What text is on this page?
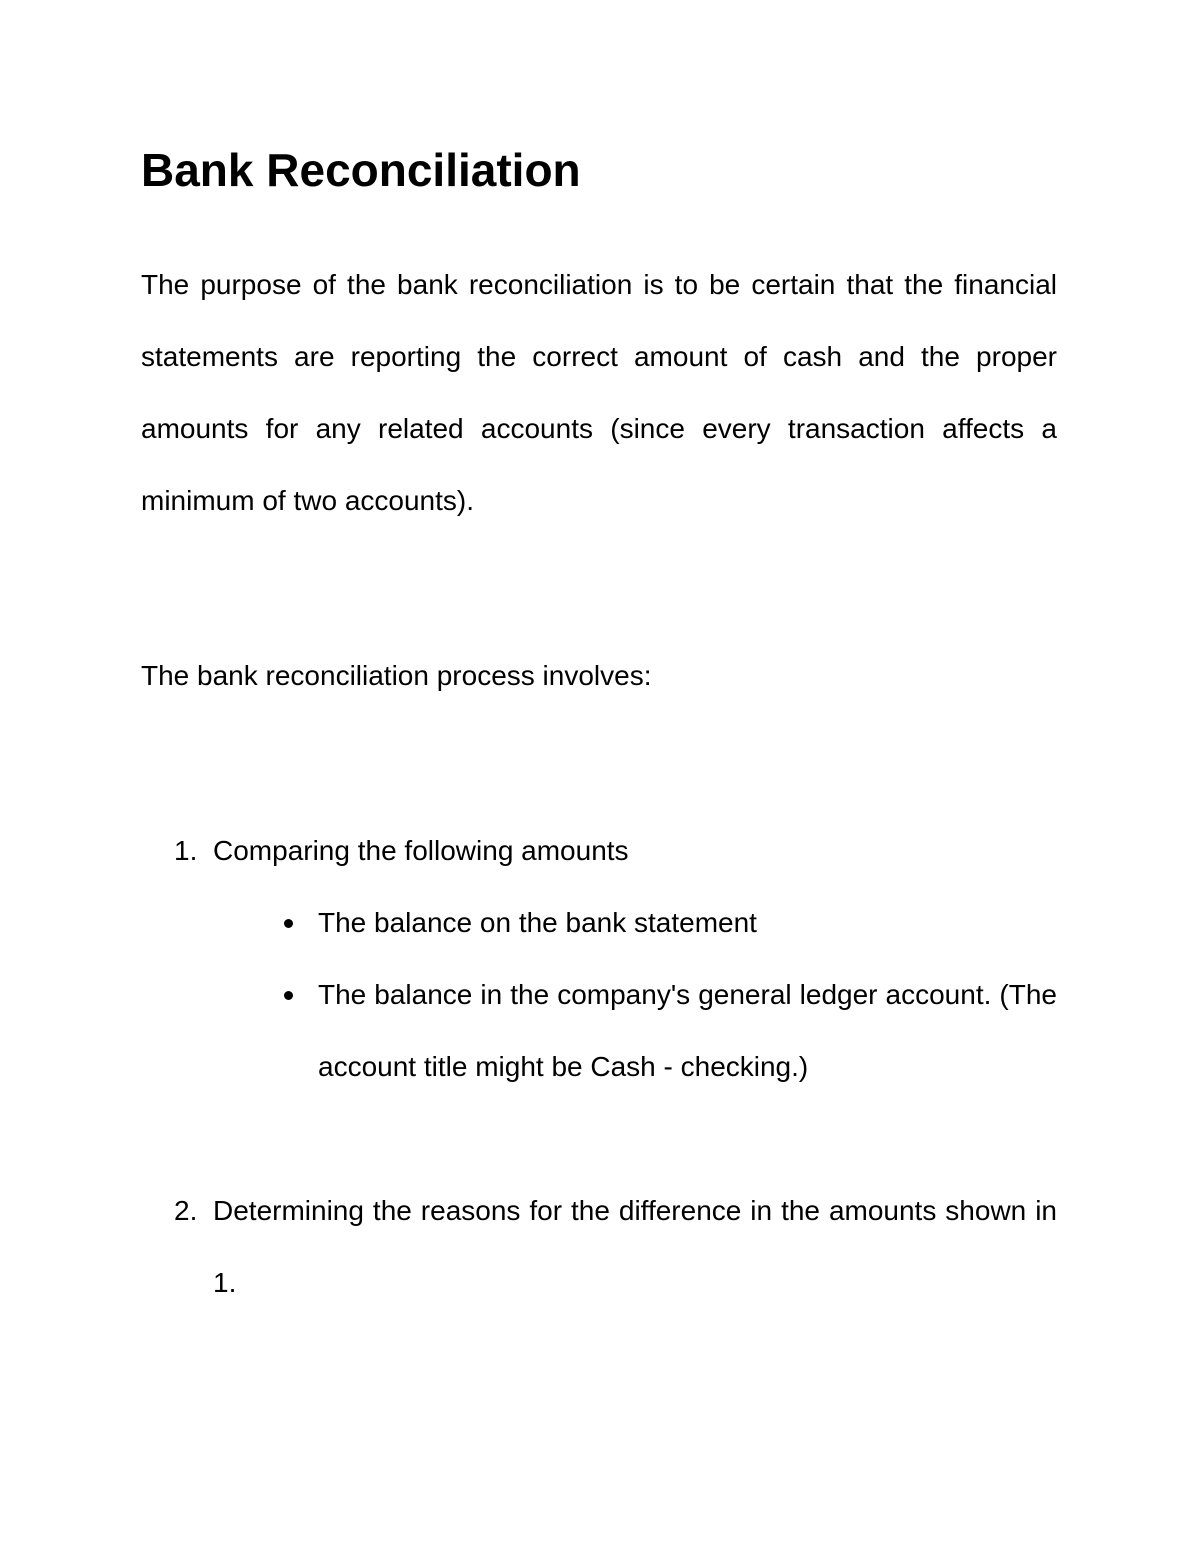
Bank Reconciliation

The purpose of the bank reconciliation is to be certain that the financial statements are reporting the correct amount of cash and the proper amounts for any related accounts (since every transaction affects a minimum of two accounts).

The bank reconciliation process involves:

1. Comparing the following amounts

The balance on the bank statement

The balance in the company's general ledger account. (The account title might be Cash - checking.)

2. Determining the reasons for the difference in the amounts shown in 1.
